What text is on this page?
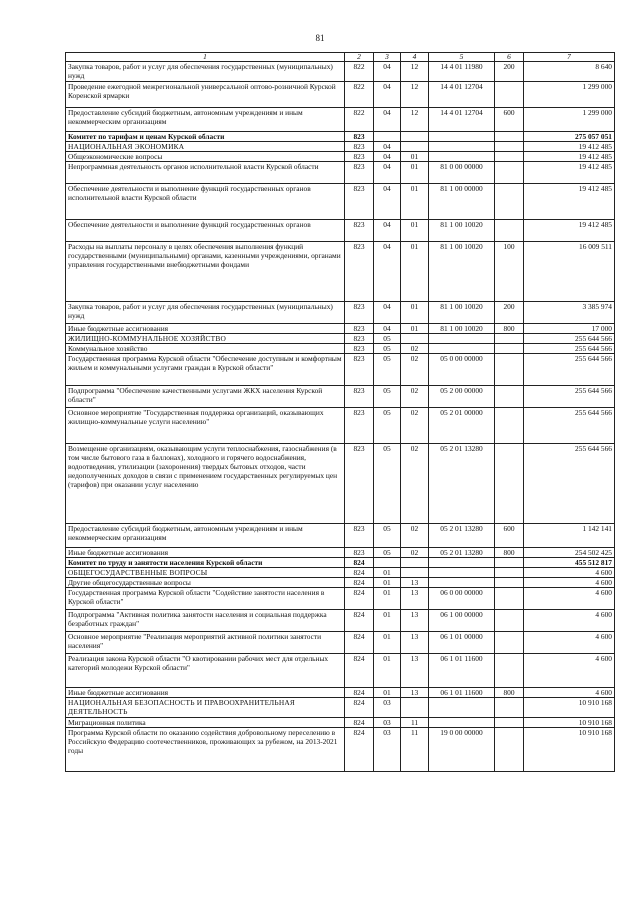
81
1	2	3	4	5	6	7
Закупка товаров, работ и услуг для обеспечения государственных (муниципальных) нужд	822	04	12	14 4 01 11980	200	8 640
Проведение ежегодной межрегиональной универсальной оптово-розничной Курской Коренской ярмарки	822	04	12	14 4 01 12704		1 299 000
Предоставление субсидий бюджетным, автономным учреждениям и иным некоммерческим организациям	822	04	12	14 4 01 12704	600	1 299 000
Комитет по тарифам и ценам Курской области	823					275 057 051
НАЦИОНАЛЬНАЯ ЭКОНОМИКА	823	04				19 412 485
Общеэкономические вопросы	823	04	01			19 412 485
Непрограммная деятельность органов исполнительной власти Курской области	823	04	01	81 0 00 00000		19 412 485
Обеспечение деятельности и выполнение функций государственных органов исполнительной власти Курской области	823	04	01	81 1 00 00000		19 412 485
Обеспечение деятельности и выполнение функций государственных органов	823	04	01	81 1 00 10020		19 412 485
Расходы на выплаты персоналу в целях обеспечения выполнения функций государственными (муниципальными) органами, казенными учреждениями, органами управления государственными внебюджетными фондами	823	04	01	81 1 00 10020	100	16 009 511
Закупка товаров, работ и услуг для обеспечения государственных (муниципальных) нужд	823	04	01	81 1 00 10020	200	3 385 974
Иные бюджетные ассигнования	823	04	01	81 1 00 10020	800	17 000
ЖИЛИЩНО-КОММУНАЛЬНОЕ ХОЗЯЙСТВО	823	05				255 644 566
Коммунальное хозяйство	823	05	02			255 644 566
Государственная программа Курской области "Обеспечение доступным и комфортным жильем и коммунальными услугами граждан в Курской области"	823	05	02	05 0 00 00000		255 644 566
Подпрограмма "Обеспечение качественными услугами ЖКХ населения Курской области"	823	05	02	05 2 00 00000		255 644 566
Основное мероприятие "Государственная поддержка организаций, оказывающих жилищно-коммунальные услуги населению"	823	05	02	05 2 01 00000		255 644 566
Возмещение организациям, оказывающим услуги теплоснабжения, газоснабжения (в том числе бытового газа в баллонах), холодного и горячего водоснабжения, водоотведения, утилизации (захоронения) твердых бытовых отходов, части недополученных доходов в связи с применением государственных регулируемых цен (тарифов) при оказании услуг населению	823	05	02	05 2 01 13280		255 644 566
Предоставление субсидий бюджетным, автономным учреждениям и иным некоммерческим организациям	823	05	02	05 2 01 13280	600	1 142 141
Иные бюджетные ассигнования	823	05	02	05 2 01 13280	800	254 502 425
Комитет по труду и занятости населения Курской области	824					455 512 817
ОБЩЕГОСУДАРСТВЕННЫЕ ВОПРОСЫ	824	01				4 600
Другие общегосударственные вопросы	824	01	13			4 600
Государственная программа Курской области "Содействие занятости населения в Курской области"	824	01	13	06 0 00 00000		4 600
Подпрограмма "Активная политика занятости населения и социальная поддержка безработных граждан"	824	01	13	06 1 00 00000		4 600
Основное мероприятие "Реализация мероприятий активной политики занятости населения"	824	01	13	06 1 01 00000		4 600
Реализация закона Курской области "О квотировании рабочих мест для отдельных категорий молодежи Курской области"	824	01	13	06 1 01 11600		4 600
Иные бюджетные ассигнования	824	01	13	06 1 01 11600	800	4 600
НАЦИОНАЛЬНАЯ БЕЗОПАСНОСТЬ И ПРАВООХРАНИТЕЛЬНАЯ ДЕЯТЕЛЬНОСТЬ	824	03				10 910 168
Миграционная политика	824	03	11			10 910 168
Программа Курской области по оказанию содействия добровольному переселению в Российскую Федерацию соотечественников, проживающих за рубежом, на 2013-2021 годы	824	03	11	19 0 00 00000		10 910 168
